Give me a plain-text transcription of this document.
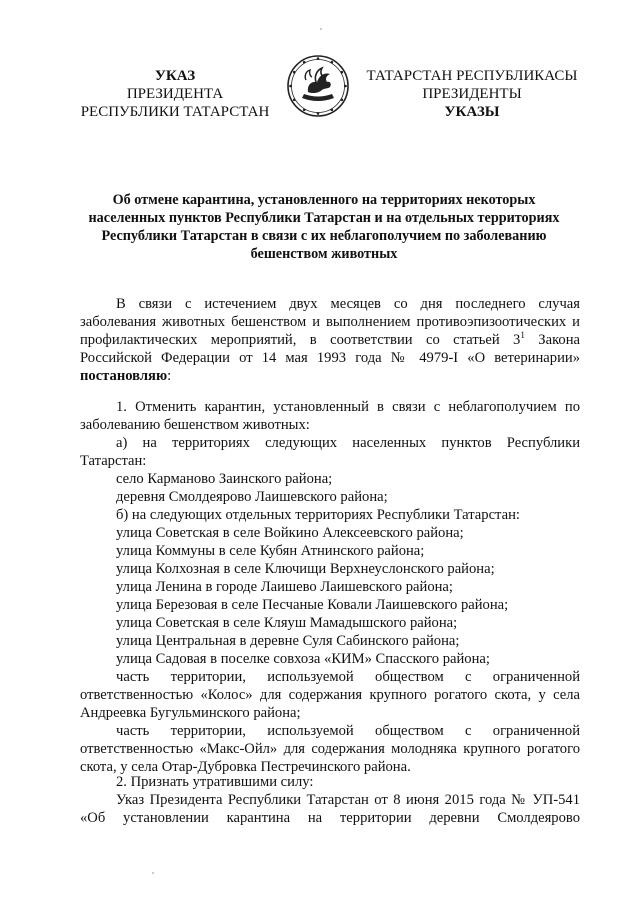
УКАЗ
ПРЕЗИДЕНТА
РЕСПУБЛИКИ ТАТАРСТАН
ТАТАРСТАН РЕСПУБЛИКАСЫ
ПРЕЗИДЕНТЫ
УКАЗЫ
Об отмене карантина, установленного на территориях некоторых
населенных пунктов Республики Татарстан и на отдельных территориях
Республики Татарстан в связи с их неблагополучием по заболеванию
бешенством животных
В связи с истечением двух месяцев со дня последнего случая
заболевания животных бешенством и выполнением противоэпизоотических и
профилактических мероприятий, в соответствии со статьей $3^1$ Закона
Российской Федерации от 14 мая 1993 года № 4979-I «О ветеринарии»
постановляю:
1. Отменить карантин, установленный в связи с неблагополучием по
заболеванию бешенством животных:
а) на территориях следующих населенных пунктов Республики
Татарстан:
село Карманово Заинского района;
деревня Смолдеярово Лаишевского района;
б) на следующих отдельных территориях Республики Татарстан:
улица Советская в селе Войкино Алексеевского района;
улица Коммуны в селе Кубян Атнинского района;
улица Колхозная в селе Ключищи Верхнеуслонского района;
улица Ленина в городе Лаишево Лаишевского района;
улица Березовая в селе Песчаные Ковали Лаишевского района;
улица Советская в селе Кляуш Мамадышского района;
улица Центральная в деревне Суля Сабинского района;
улица Садовая в поселке совхоза «КИМ» Спасского района;
часть территории, используемой обществом с ограниченной
ответственностью «Колос» для содержания крупного рогатого скота, у села
Андреевка Бугульминского района;
часть территории, используемой обществом с ограниченной
ответственностью «Макс-Ойл» для содержания молодняка крупного рогатого
скота, у села Отар-Дубровка Пестречинского района.
2. Признать утратившими силу:
Указ Президента Республики Татарстан от 8 июня 2015 года № УП-541
«Об установлении карантина на территории деревни Смолдеярово
